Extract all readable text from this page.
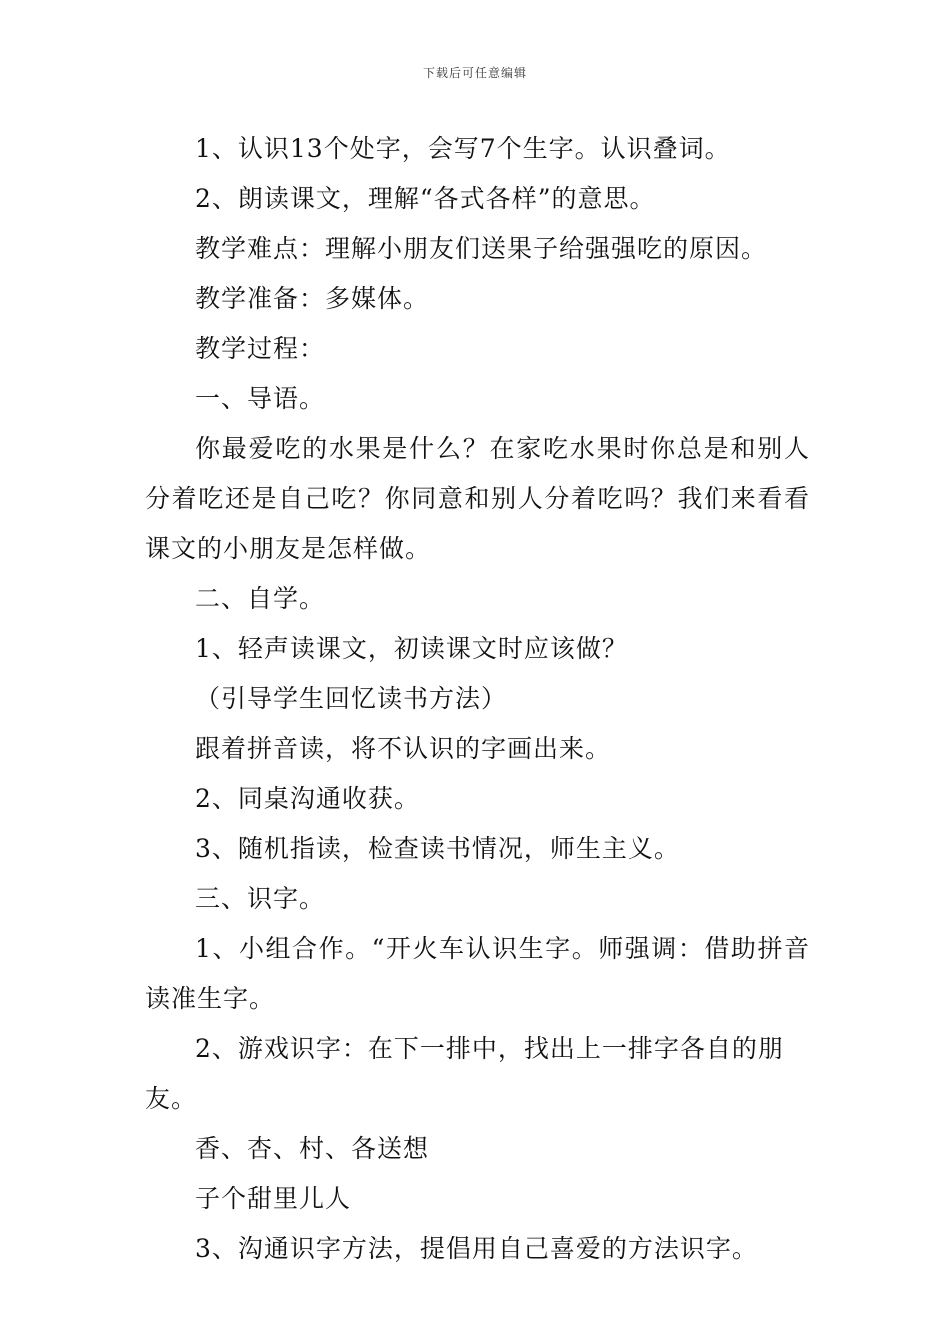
下载后可任意编辑

1、认识13个处字，会写7个生字。认识叠词。

2、朗读课文，理解“各式各样”的意思。

教学难点：理解小朋友们送果子给强强吃的原因。

教学准备：多媒体。

教学过程：

一、导语。

你最爱吃的水果是什么？在家吃水果时你总是和别人分着吃还是自己吃？你同意和别人分着吃吗？我们来看看课文的小朋友是怎样做。

二、自学。

1、轻声读课文，初读课文时应该做？

（引导学生回忆读书方法）

跟着拼音读，将不认识的字画出来。

2、同桌沟通收获。

3、随机指读，检查读书情况，师生主义。

三、识字。

1、小组合作。“开火车认识生字。师强调：借助拼音读准生字。

2、游戏识字：在下一排中，找出上一排字各自的朋友。

香、杏、村、各送想

子个甜里儿人

3、沟通识字方法，提倡用自己喜爱的方法识字。
